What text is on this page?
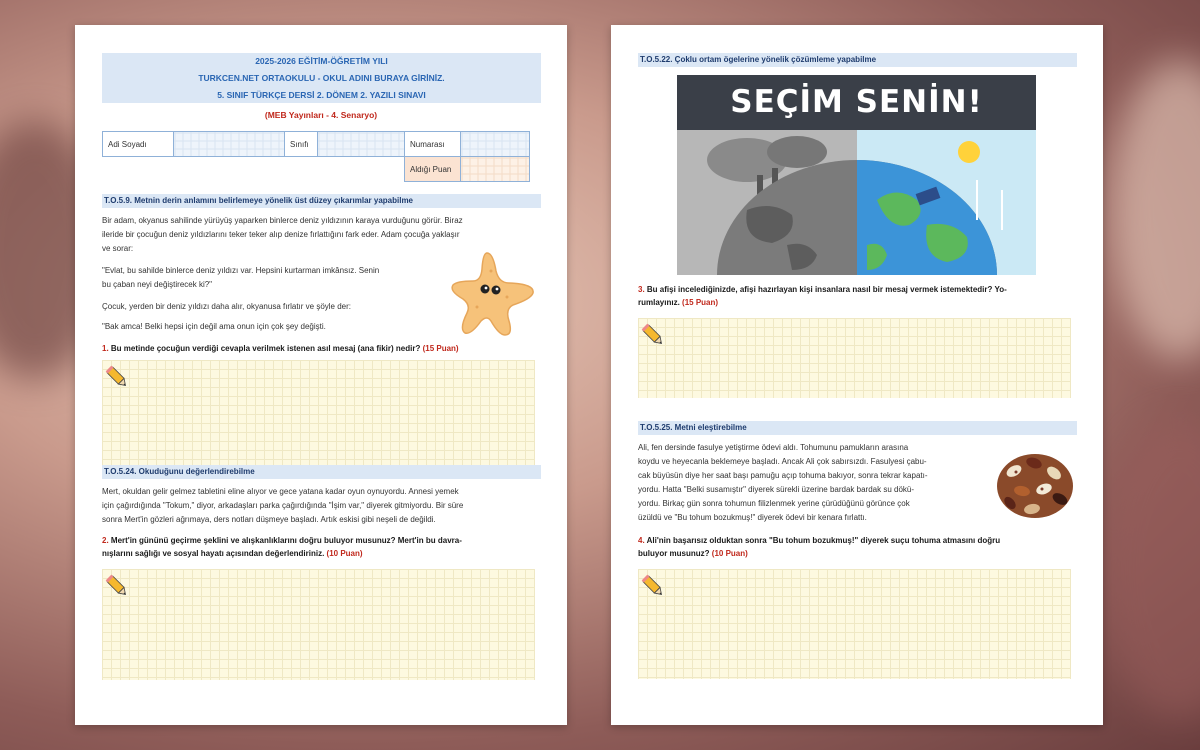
2025-2026 EĞİTİM-ÖĞRETİM YILI
TURKCEN.NET ORTAOKULU - OKUL ADINI BURAYA GİRİNİZ.
5. SINIF TÜRKÇE DERSİ 2. DÖNEM 2. YAZILI SINAVI
(MEB Yayınları - 4. Senaryo)
Adi Soyadı		Sınıfı		Numarası	
				Aldığı Puan	
T.O.5.9. Metnin derin anlamını belirlemeye yönelik üst düzey çıkarımlar yapabilme
Bir adam, okyanus sahilinde yürüyüş yaparken binlerce deniz yıldızının karaya vurduğunu görür. Biraz
ileride bir çocuğun deniz yıldızlarını teker teker alıp denize fırlattığını fark eder. Adam çocuğa yaklaşır
ve sorar:
"Evlat, bu sahilde binlerce deniz yıldızı var. Hepsini kurtarman imkânsız. Senin
bu çaban neyi değiştirecek ki?"
Çocuk, yerden bir deniz yıldızı daha alır, okyanusa fırlatır ve şöyle der:
"Bak amca! Belki hepsi için değil ama onun için çok şey değişti.
1. Bu metinde çocuğun verdiği cevapla verilmek istenen asıl mesaj (ana fikir) nedir? (15 Puan)
T.O.5.24. Okuduğunu değerlendirebilme
Mert, okuldan gelir gelmez tabletini eline alıyor ve gece yatana kadar oyun oynuyordu. Annesi yemek
için çağırdığında "Tokum," diyor, arkadaşları parka çağırdığında "İşim var," diyerek gitmiyordu. Bir süre
sonra Mert'in gözleri ağrımaya, ders notları düşmeye başladı. Artık eskisi gibi neşeli de değildi.
2. Mert'in gününü geçirme şeklini ve alışkanlıklarını doğru buluyor musunuz? Mert'in bu davra-
nışlarını sağlığı ve sosyal hayatı açısından değerlendiriniz. (10 Puan)
T.O.5.22. Çoklu ortam ögelerine yönelik çözümleme yapabilme
SEÇİM SENİN!
3. Bu afişi incelediğinizde, afişi hazırlayan kişi insanlara nasıl bir mesaj vermek istemektedir? Yo-
rumlayınız. (15 Puan)
T.O.5.25. Metni eleştirebilme
Ali, fen dersinde fasulye yetiştirme ödevi aldı. Tohumunu pamukların arasına
koydu ve heyecanla beklemeye başladı. Ancak Ali çok sabırsızdı. Fasulyesi çabu-
cak büyüsün diye her saat başı pamuğu açıp tohuma bakıyor, sonra tekrar kapatı-
yordu. Hatta "Belki susamıştır" diyerek sürekli üzerine bardak bardak su dökü-
yordu. Birkaç gün sonra tohumun filizlenmek yerine çürüdüğünü görünce çok
üzüldü ve "Bu tohum bozukmuş!" diyerek ödevi bir kenara fırlattı.
4. Ali'nin başarısız olduktan sonra "Bu tohum bozukmuş!" diyerek suçu tohuma atmasını doğru
buluyor musunuz? (10 Puan)
